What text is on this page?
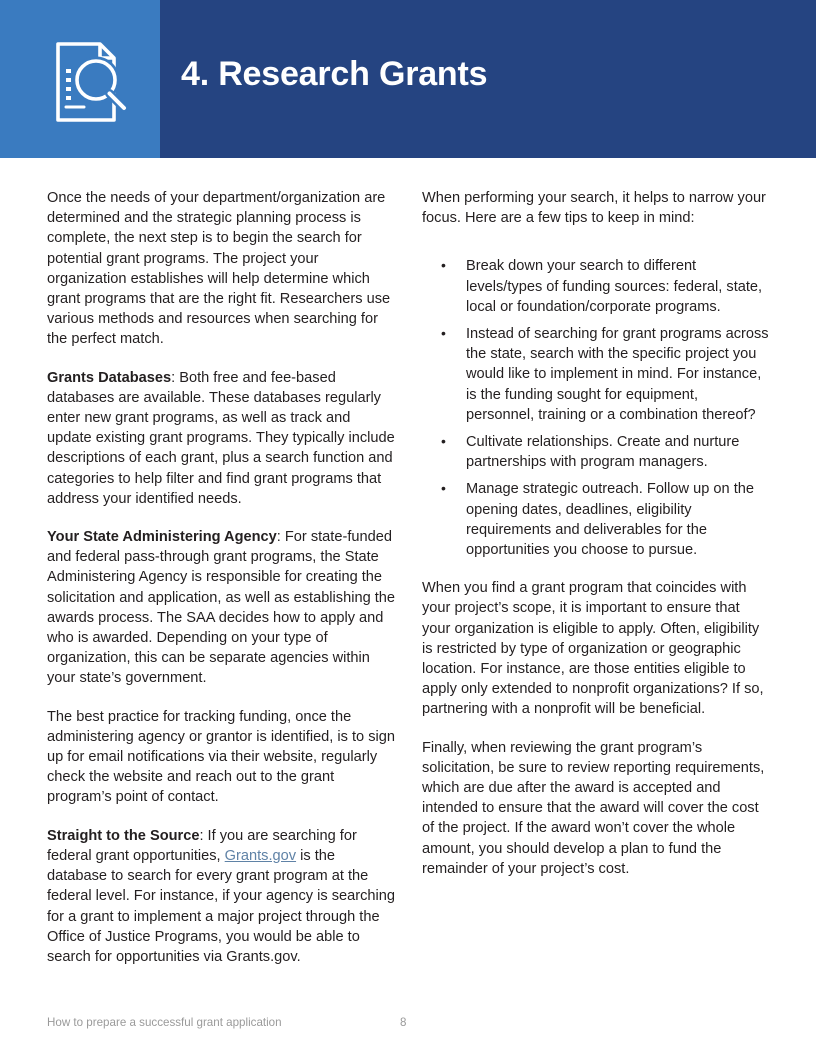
4. Research Grants

Once the needs of your department/organization are determined and the strategic planning process is complete, the next step is to begin the search for potential grant programs. The project your organization establishes will help determine which grant programs that are the right fit. Researchers use various methods and resources when searching for the perfect match.

Grants Databases: Both free and fee-based databases are available. These databases regularly enter new grant programs, as well as track and update existing grant programs. They typically include descriptions of each grant, plus a search function and categories to help filter and find grant programs that address your identified needs.

Your State Administering Agency: For state-funded and federal pass-through grant programs, the State Administering Agency is responsible for creating the solicitation and application, as well as establishing the awards process. The SAA decides how to apply and who is awarded. Depending on your type of organization, this can be separate agencies within your state’s government.

The best practice for tracking funding, once the administering agency or grantor is identified, is to sign up for email notifications via their website, regularly check the website and reach out to the grant program’s point of contact.

Straight to the Source: If you are searching for federal grant opportunities, Grants.gov is the database to search for every grant program at the federal level. For instance, if your agency is searching for a grant to implement a major project through the Office of Justice Programs, you would be able to search for opportunities via Grants.gov.

When performing your search, it helps to narrow your focus. Here are a few tips to keep in mind:

• Break down your search to different levels/types of funding sources: federal, state, local or foundation/corporate programs.
• Instead of searching for grant programs across the state, search with the specific project you would like to implement in mind. For instance, is the funding sought for equipment, personnel, training or a combination thereof?
• Cultivate relationships. Create and nurture partnerships with program managers.
• Manage strategic outreach. Follow up on the opening dates, deadlines, eligibility requirements and deliverables for the opportunities you choose to pursue.

When you find a grant program that coincides with your project’s scope, it is important to ensure that your organization is eligible to apply. Often, eligibility is restricted by type of organization or geographic location. For instance, are those entities eligible to apply only extended to nonprofit organizations? If so, partnering with a nonprofit will be beneficial.

Finally, when reviewing the grant program’s solicitation, be sure to review reporting requirements, which are due after the award is accepted and intended to ensure that the award will cover the cost of the project. If the award won’t cover the whole amount, you should develop a plan to fund the remainder of your project’s cost.

How to prepare a successful grant application	8
